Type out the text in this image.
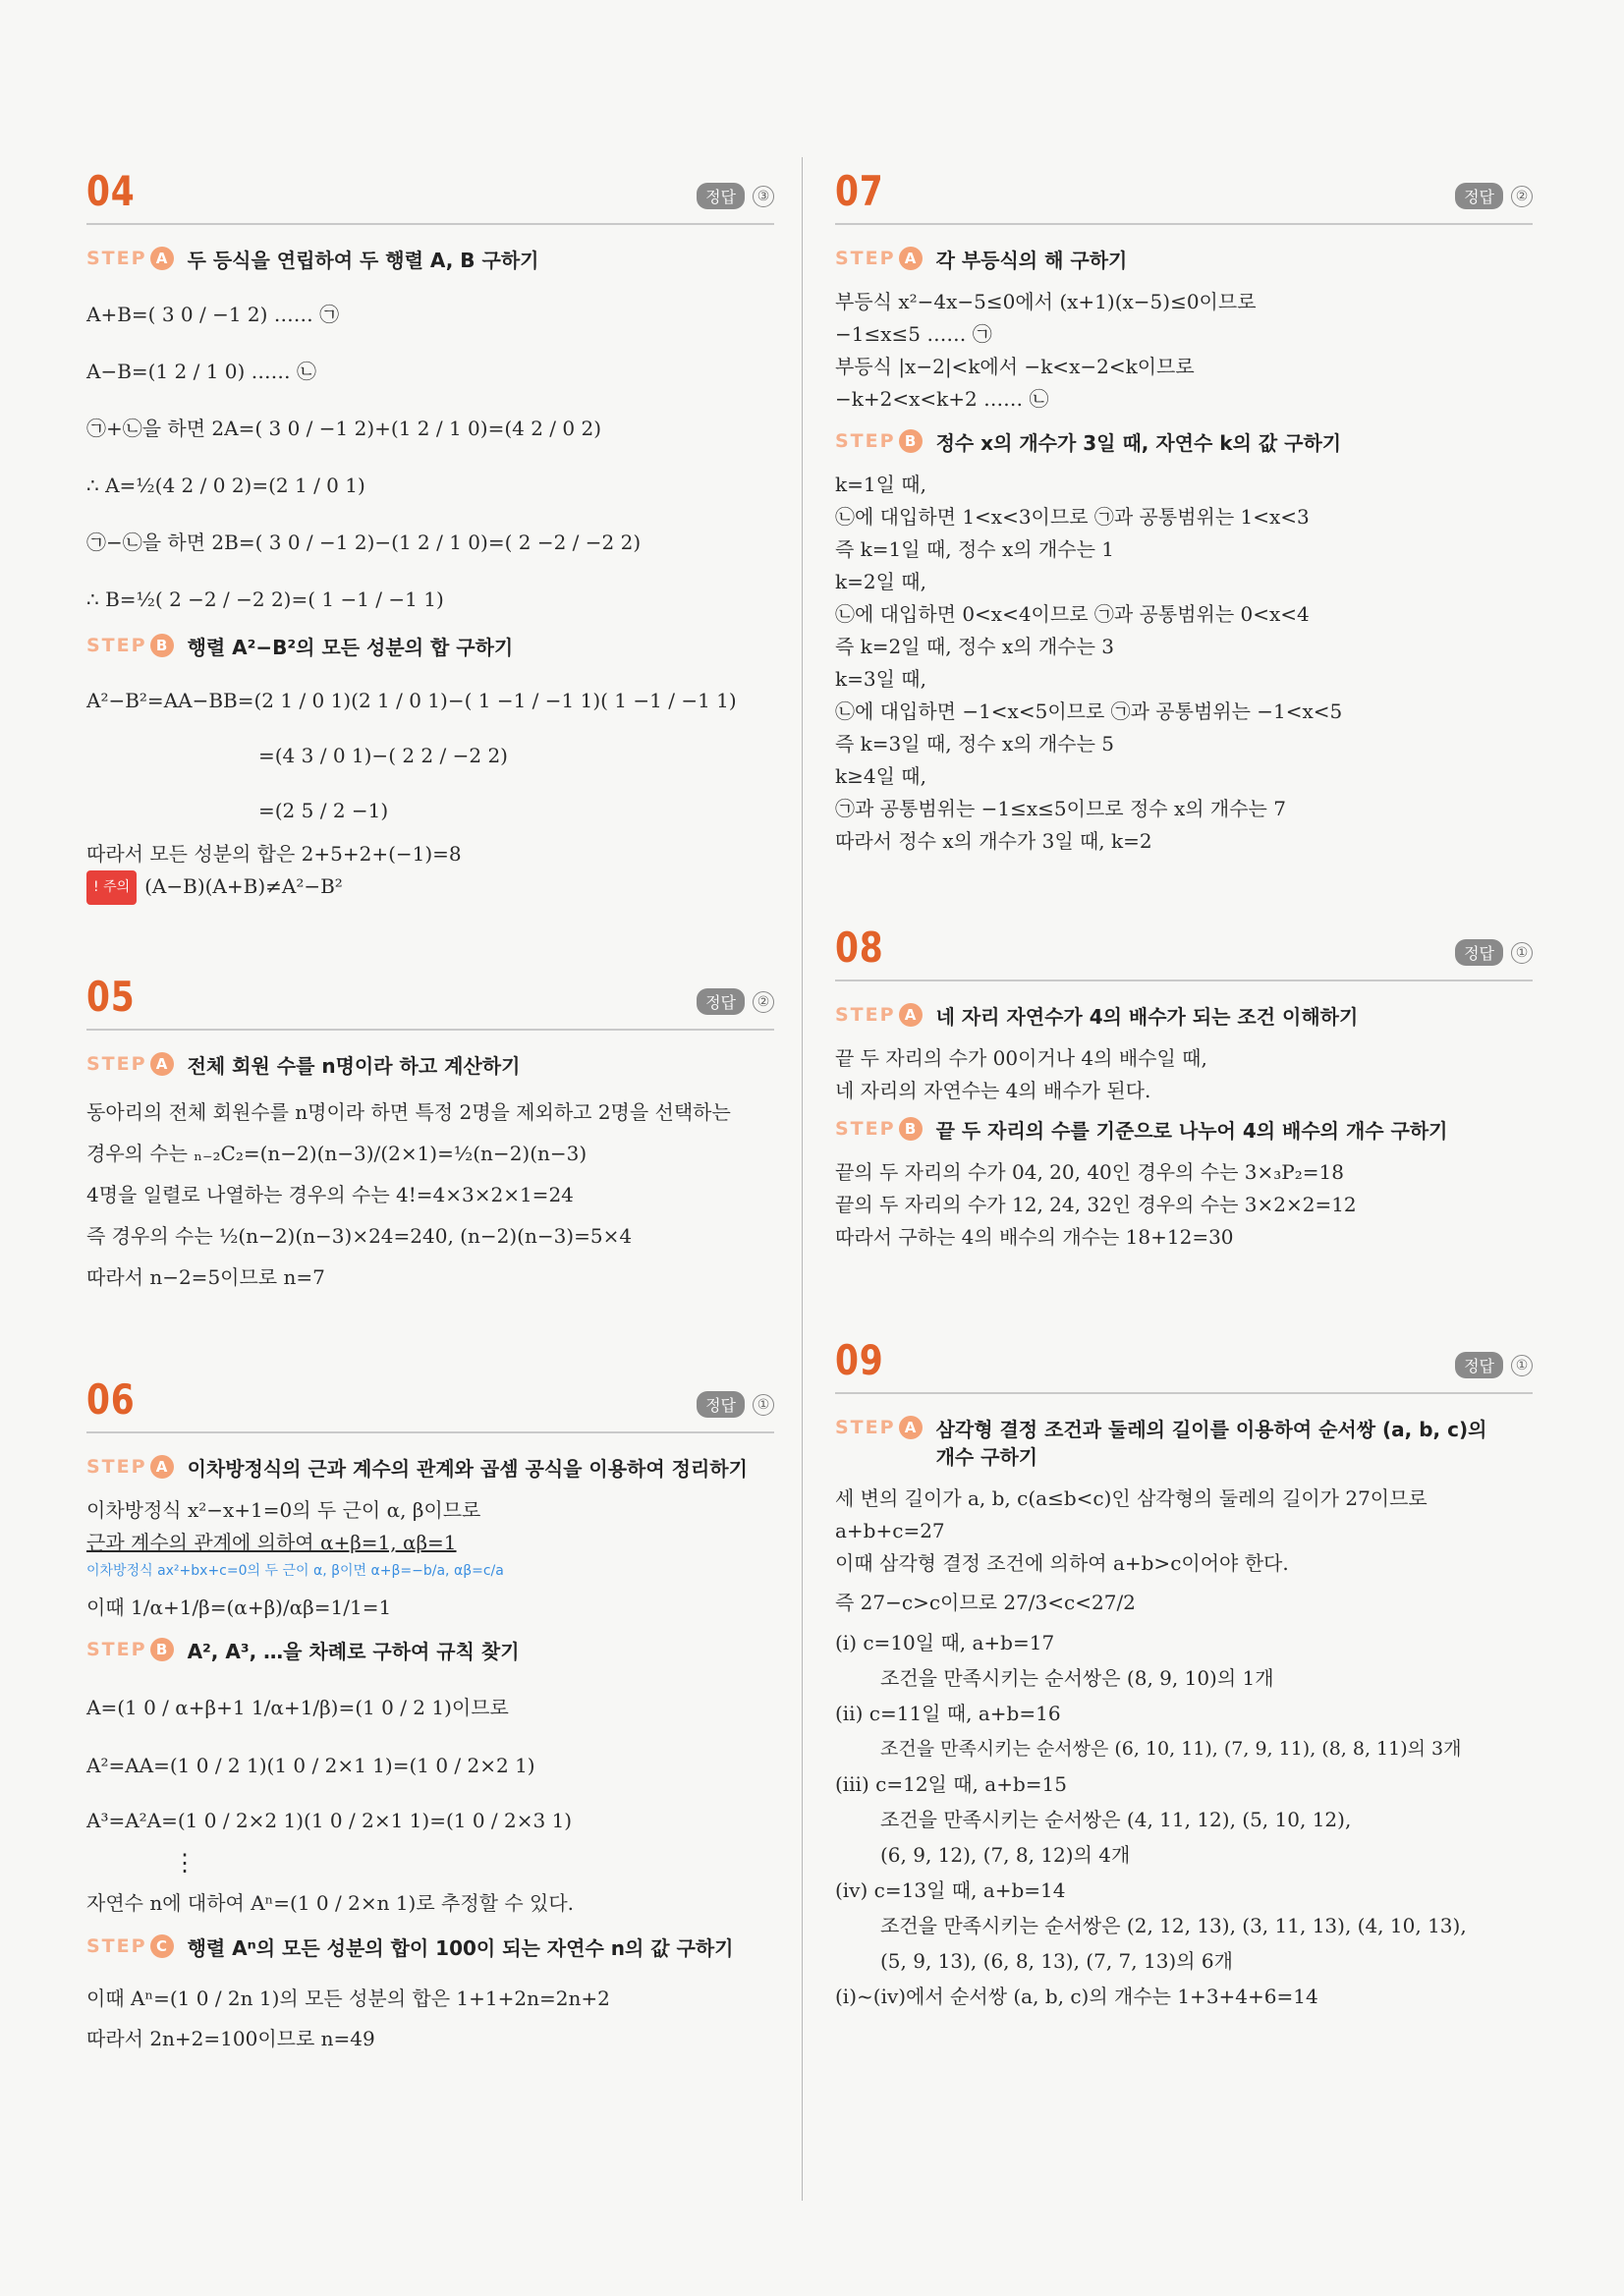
04	정답	③
STEP A	두 등식을 연립하여 두 행렬 A, B 구하기
A+B=( 3 0 / −1 2) …… ㉠
A−B=(1 2 / 1 0) …… ㉡
㉠+㉡을 하면 2A=( 3 0 / −1 2)+(1 2 / 1 0)=(4 2 / 0 2)
∴ A=½(4 2 / 0 2)=(2 1 / 0 1)
㉠−㉡을 하면 2B=( 3 0 / −1 2)−(1 2 / 1 0)=( 2 −2 / −2 2)
∴ B=½( 2 −2 / −2 2)=( 1 −1 / −1 1)
STEP B	행렬 A²−B²의 모든 성분의 합 구하기
A²−B²=AA−BB=(2 1 / 0 1)(2 1 / 0 1)−( 1 −1 / −1 1)( 1 −1 / −1 1)
=(4 3 / 0 1)−( 2 2 / −2 2)
=(2 5 / 2 −1)
따라서 모든 성분의 합은 2+5+2+(−1)=8
! 주의 (A−B)(A+B)≠A²−B²
05	정답	②
STEP A	전체 회원 수를 n명이라 하고 계산하기
동아리의 전체 회원수를 n명이라 하면 특정 2명을 제외하고 2명을 선택하는
경우의 수는 ₙ₋₂C₂=(n−2)(n−3)/(2×1)=½(n−2)(n−3)
4명을 일렬로 나열하는 경우의 수는 4!=4×3×2×1=24
즉 경우의 수는 ½(n−2)(n−3)×24=240, (n−2)(n−3)=5×4
따라서 n−2=5이므로 n=7
06	정답	①
STEP A	이차방정식의 근과 계수의 관계와 곱셈 공식을 이용하여 정리하기
이차방정식 x²−x+1=0의 두 근이 α, β이므로
근과 계수의 관계에 의하여 α+β=1, αβ=1
이차방정식 ax²+bx+c=0의 두 근이 α, β이면 α+β=−b/a, αβ=c/a
이때 1/α+1/β=(α+β)/αβ=1/1=1
STEP B	A², A³, …을 차례로 구하여 규칙 찾기
A=(1 0 / α+β+1 1/α+1/β)=(1 0 / 2 1)이므로
A²=AA=(1 0 / 2 1)(1 0 / 2×1 1)=(1 0 / 2×2 1)
A³=A²A=(1 0 / 2×2 1)(1 0 / 2×1 1)=(1 0 / 2×3 1)
⋮
자연수 n에 대하여 Aⁿ=(1 0 / 2×n 1)로 추정할 수 있다.
STEP C	행렬 Aⁿ의 모든 성분의 합이 100이 되는 자연수 n의 값 구하기
이때 Aⁿ=(1 0 / 2n 1)의 모든 성분의 합은 1+1+2n=2n+2
따라서 2n+2=100이므로 n=49
07	정답	②
STEP A	각 부등식의 해 구하기
부등식 x²−4x−5≤0에서 (x+1)(x−5)≤0이므로
−1≤x≤5 …… ㉠
부등식 |x−2|<k에서 −k<x−2<k이므로
−k+2<x<k+2 …… ㉡
STEP B	정수 x의 개수가 3일 때, 자연수 k의 값 구하기
k=1일 때,
㉡에 대입하면 1<x<3이므로 ㉠과 공통범위는 1<x<3
즉 k=1일 때, 정수 x의 개수는 1
k=2일 때,
㉡에 대입하면 0<x<4이므로 ㉠과 공통범위는 0<x<4
즉 k=2일 때, 정수 x의 개수는 3
k=3일 때,
㉡에 대입하면 −1<x<5이므로 ㉠과 공통범위는 −1<x<5
즉 k=3일 때, 정수 x의 개수는 5
k≥4일 때,
㉠과 공통범위는 −1≤x≤5이므로 정수 x의 개수는 7
따라서 정수 x의 개수가 3일 때, k=2
08	정답	①
STEP A	네 자리 자연수가 4의 배수가 되는 조건 이해하기
끝 두 자리의 수가 00이거나 4의 배수일 때,
네 자리의 자연수는 4의 배수가 된다.
STEP B	끝 두 자리의 수를 기준으로 나누어 4의 배수의 개수 구하기
끝의 두 자리의 수가 04, 20, 40인 경우의 수는 3×₃P₂=18
끝의 두 자리의 수가 12, 24, 32인 경우의 수는 3×2×2=12
따라서 구하는 4의 배수의 개수는 18+12=30
09	정답	①
STEP A	삼각형 결정 조건과 둘레의 길이를 이용하여 순서쌍 (a, b, c)의 개수 구하기
세 변의 길이가 a, b, c(a≤b<c)인 삼각형의 둘레의 길이가 27이므로
a+b+c=27
이때 삼각형 결정 조건에 의하여 a+b>c이어야 한다.
즉 27−c>c이므로 27/3<c<27/2
(ⅰ) c=10일 때, a+b=17
조건을 만족시키는 순서쌍은 (8, 9, 10)의 1개
(ⅱ) c=11일 때, a+b=16
조건을 만족시키는 순서쌍은 (6, 10, 11), (7, 9, 11), (8, 8, 11)의 3개
(ⅲ) c=12일 때, a+b=15
조건을 만족시키는 순서쌍은 (4, 11, 12), (5, 10, 12),
(6, 9, 12), (7, 8, 12)의 4개
(ⅳ) c=13일 때, a+b=14
조건을 만족시키는 순서쌍은 (2, 12, 13), (3, 11, 13), (4, 10, 13),
(5, 9, 13), (6, 8, 13), (7, 7, 13)의 6개
(ⅰ)~(ⅳ)에서 순서쌍 (a, b, c)의 개수는 1+3+4+6=14
